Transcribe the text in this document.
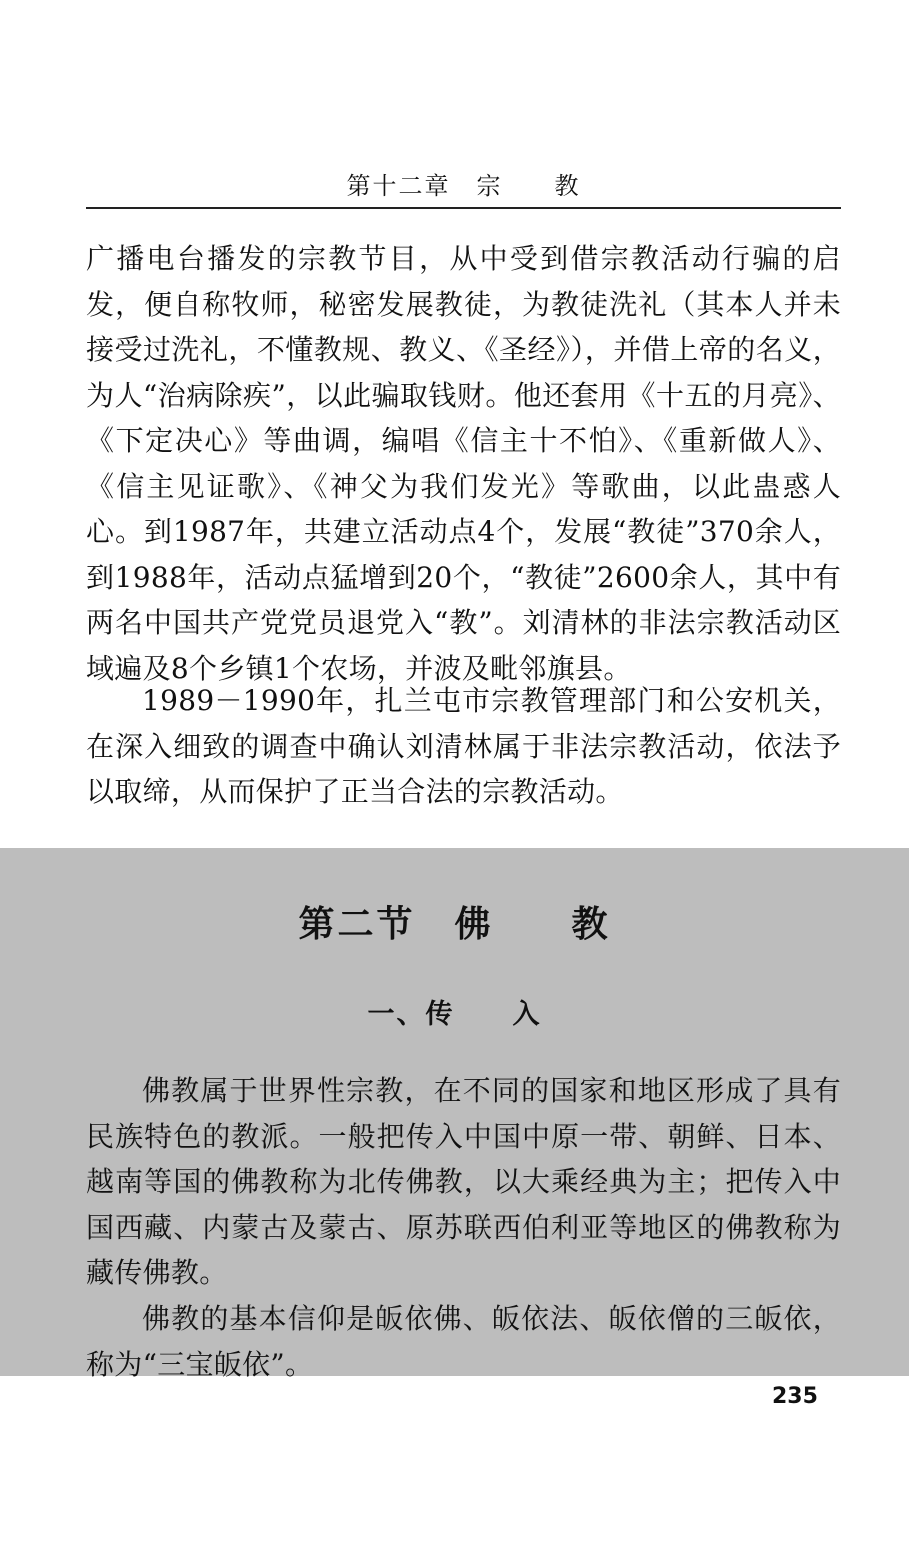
第十二章　宗　　教

广播电台播发的宗教节目，从中受到借宗教活动行骗的启发，便自称牧师，秘密发展教徒，为教徒洗礼（其本人并未接受过洗礼，不懂教规、教义、《圣经》），并借上帝的名义，为人“治病除疾”，以此骗取钱财。他还套用《十五的月亮》、《下定决心》等曲调，编唱《信主十不怕》、《重新做人》、《信主见证歌》、《神父为我们发光》等歌曲，以此蛊惑人心。到1987年，共建立活动点4个，发展“教徒”370余人，到1988年，活动点猛增到20个，“教徒”2600余人，其中有两名中国共产党党员退党入“教”。刘清林的非法宗教活动区域遍及8个乡镇1个农场，并波及毗邻旗县。

1989－1990年，扎兰屯市宗教管理部门和公安机关，在深入细致的调查中确认刘清林属于非法宗教活动，依法予以取缔，从而保护了正当合法的宗教活动。

第二节　佛　　教
一、传　　入

佛教属于世界性宗教，在不同的国家和地区形成了具有民族特色的教派。一般把传入中国中原一带、朝鲜、日本、越南等国的佛教称为北传佛教，以大乘经典为主；把传入中国西藏、内蒙古及蒙古、原苏联西伯利亚等地区的佛教称为藏传佛教。

佛教的基本信仰是皈依佛、皈依法、皈依僧的三皈依，称为“三宝皈依”。

235
